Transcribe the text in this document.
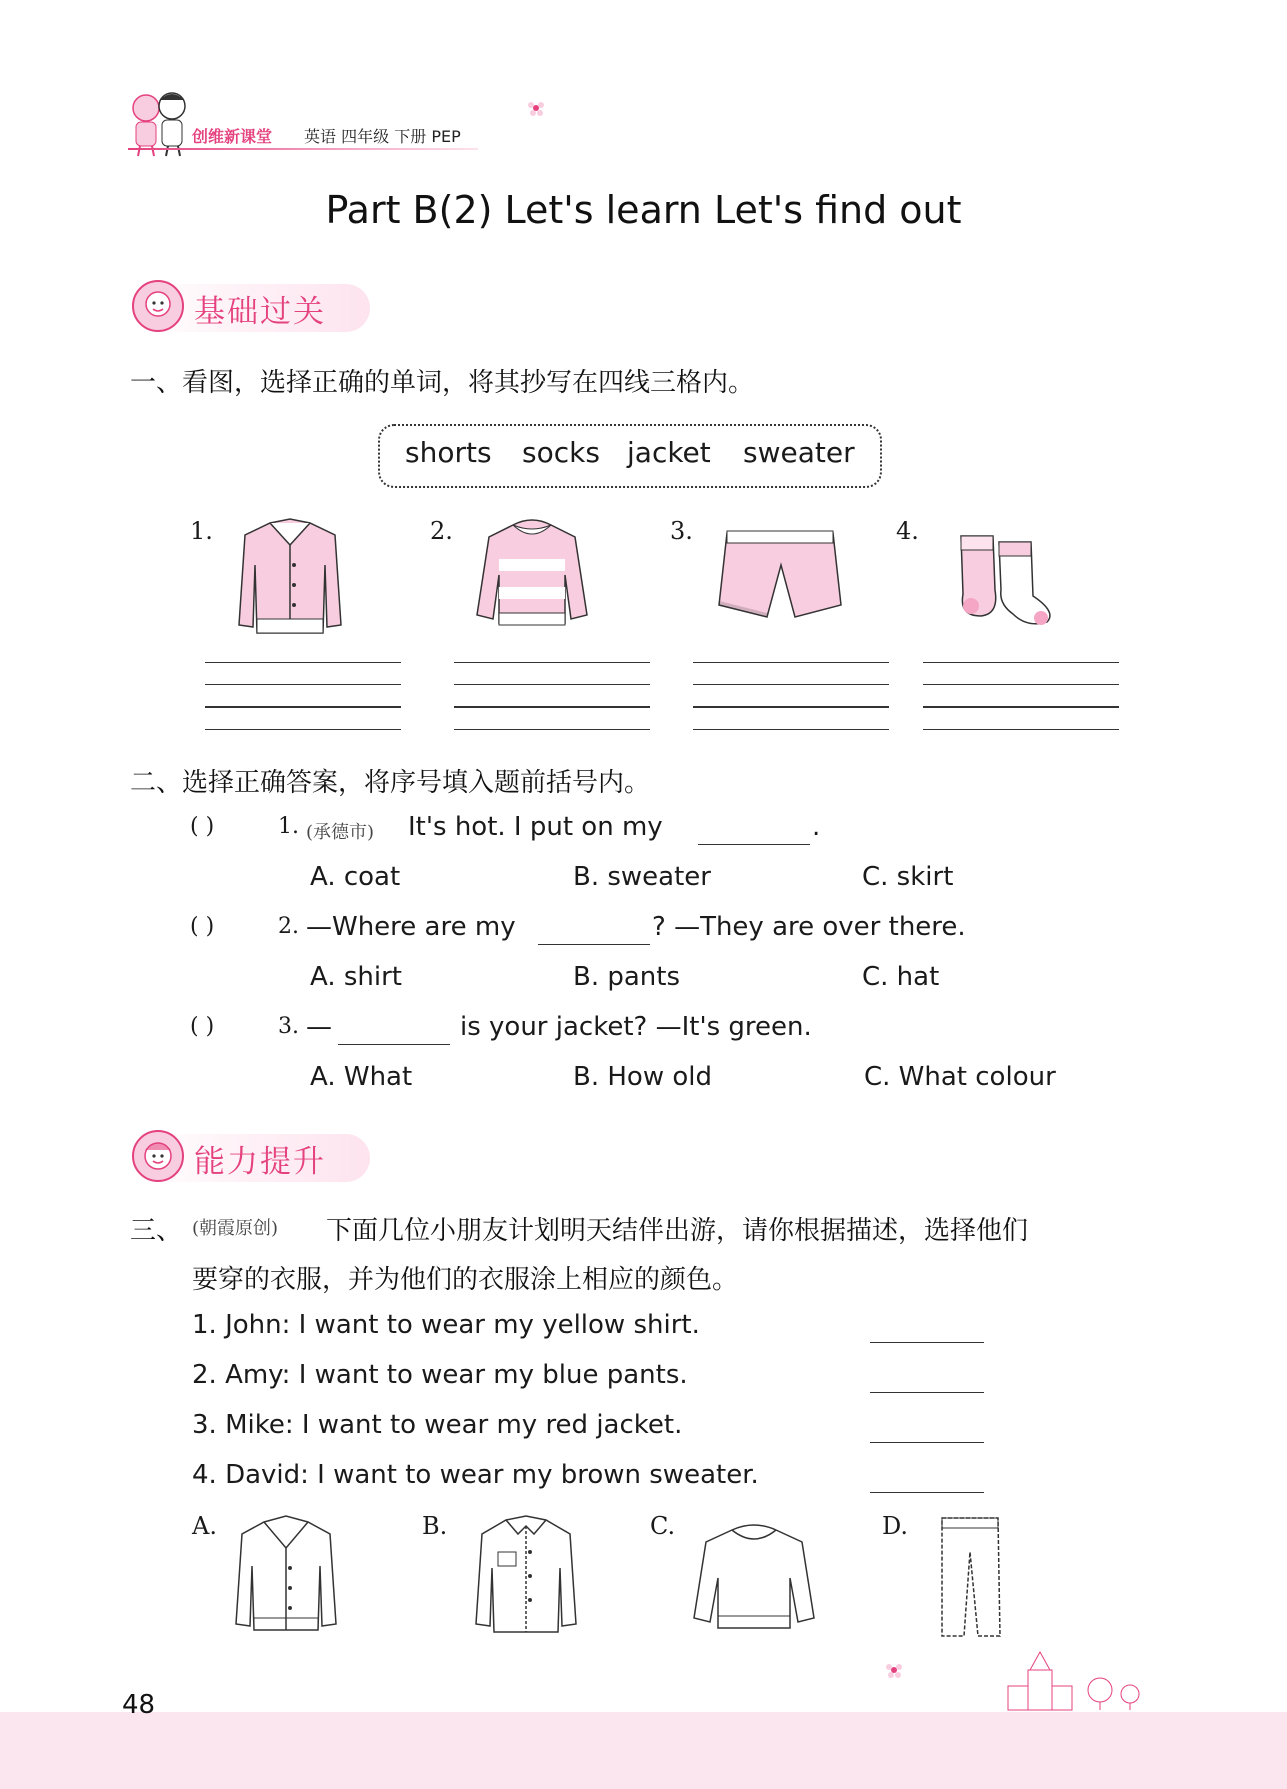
创维新课堂 英语 四年级 下册 PEP
Part B(2) Let's learn Let's find out
基础过关
一、看图，选择正确的单词，将其抄写在四线三格内。
shorts socks jacket sweater
1.	2.	3.	4.
二、选择正确答案，将序号填入题前括号内。
( )	1. (承德市) It's hot. I put on my	.
A. coat	B. sweater	C. skirt
( )	2. —Where are my	? —They are over there.
A. shirt	B. pants	C. hat
( )	3. —	is your jacket? —It's green.
A. What	B. How old	C. What colour
能力提升
三、 (朝霞原创) 下面几位小朋友计划明天结伴出游，请你根据描述，选择他们
要穿的衣服，并为他们的衣服涂上相应的颜色。
1. John: I want to wear my yellow shirt.
2. Amy: I want to wear my blue pants.
3. Mike: I want to wear my red jacket.
4. David: I want to wear my brown sweater.
A.	B.	C.	D.
48
